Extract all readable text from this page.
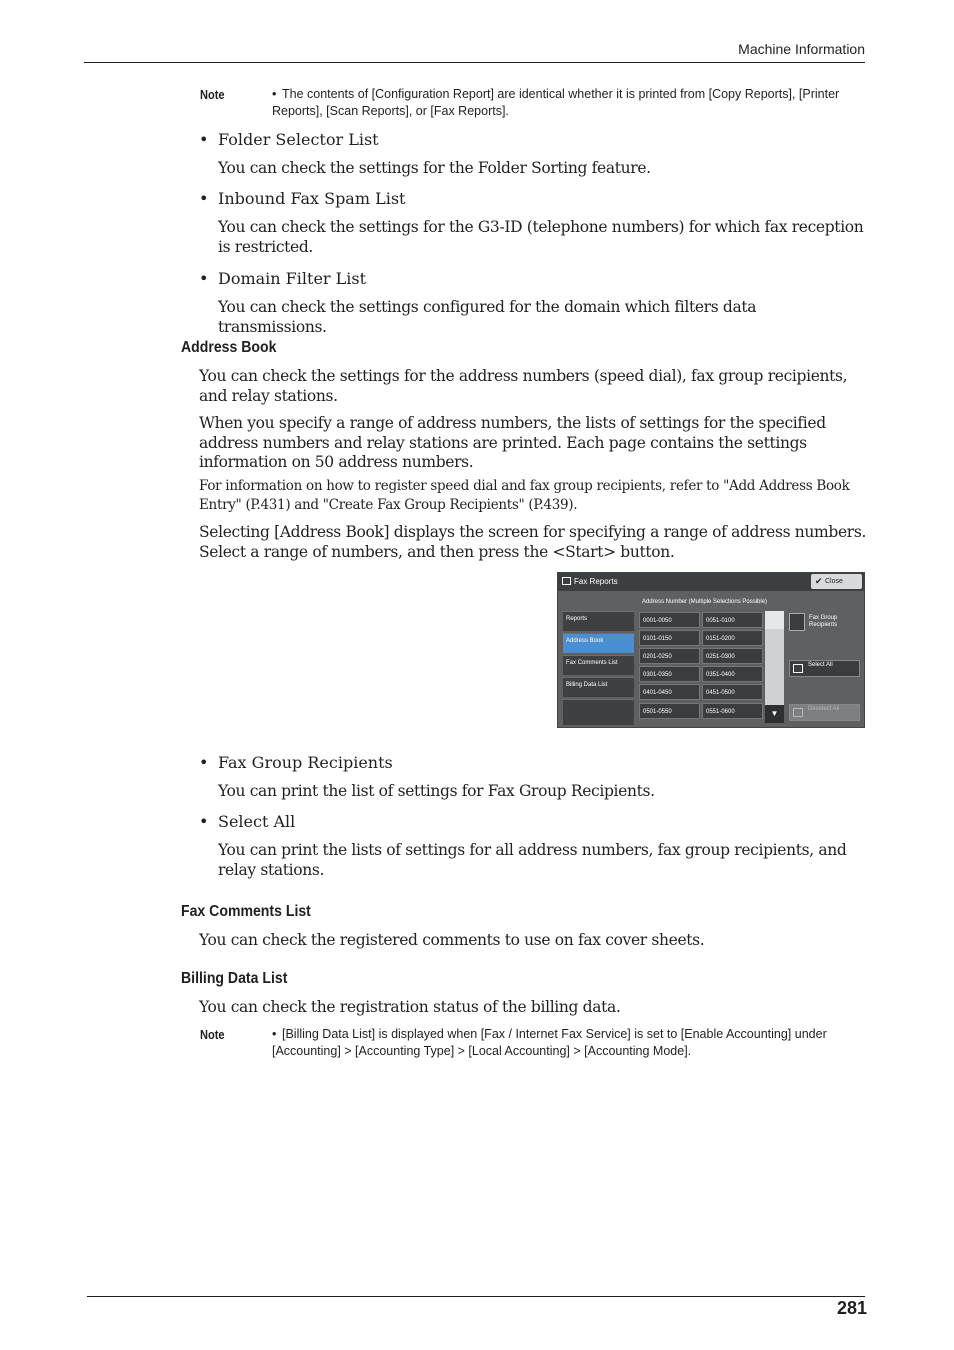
Machine Information
Note	• The contents of [Configuration Report] are identical whether it is printed from [Copy Reports], [Printer Reports], [Scan Reports], or [Fax Reports].
• Folder Selector List
You can check the settings for the Folder Sorting feature.
• Inbound Fax Spam List
You can check the settings for the G3-ID (telephone numbers) for which fax reception is restricted.
• Domain Filter List
You can check the settings configured for the domain which filters data transmissions.
Address Book
You can check the settings for the address numbers (speed dial), fax group recipients, and relay stations.
When you specify a range of address numbers, the lists of settings for the specified address numbers and relay stations are printed. Each page contains the settings information on 50 address numbers.
For information on how to register speed dial and fax group recipients, refer to "Add Address Book Entry" (P.431) and "Create Fax Group Recipients" (P.439).
Selecting [Address Book] displays the screen for specifying a range of address numbers. Select a range of numbers, and then press the <Start> button.
Fax Reports	✔ Close
Reports
Address Book
Fax Comments List
Billing Data List
Address Number (Multiple Selections Possible)
0001-0050	0051-0100
0101-0150	0151-0200
0201-0250	0251-0300
0301-0350	0351-0400
0401-0450	0451-0500
0501-0550	0551-0600	▼
Fax Group Recipients
Select All
Deselect All
• Fax Group Recipients
You can print the list of settings for Fax Group Recipients.
• Select All
You can print the lists of settings for all address numbers, fax group recipients, and relay stations.
Fax Comments List
You can check the registered comments to use on fax cover sheets.
Billing Data List
You can check the registration status of the billing data.
Note	• [Billing Data List] is displayed when [Fax / Internet Fax Service] is set to [Enable Accounting] under [Accounting] > [Accounting Type] > [Local Accounting] > [Accounting Mode].
281
